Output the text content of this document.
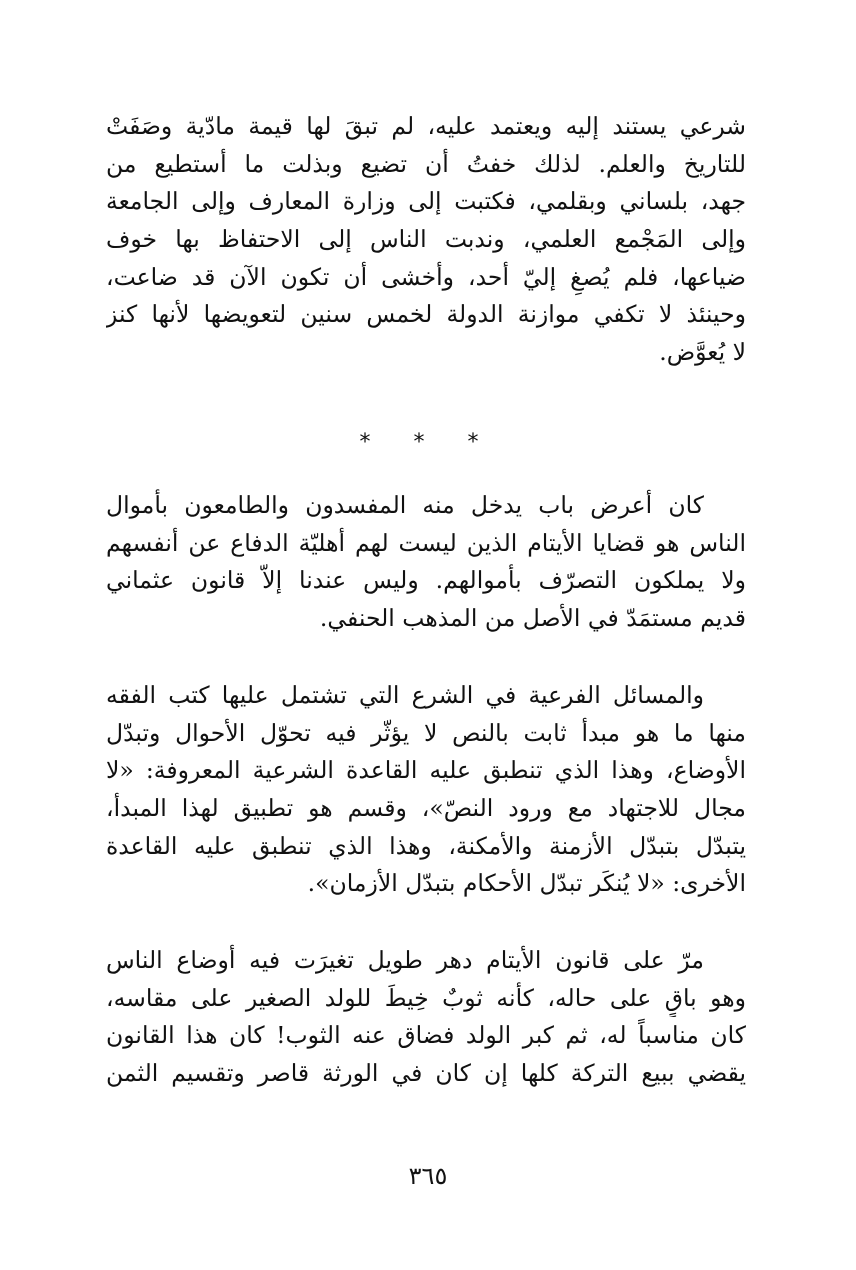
شرعي يستند إليه ويعتمد عليه، لم تبقَ لها قيمة مادّية وصَفَتْ
للتاريخ والعلم. لذلك خفتُ أن تضيع وبذلت ما أستطيع من
جهد، بلساني وبقلمي، فكتبت إلى وزارة المعارف وإلى الجامعة
وإلى المَجْمع العلمي، وندبت الناس إلى الاحتفاظ بها خوف
ضياعها، فلم يُصغِ إليّ أحد، وأخشى أن تكون الآن قد ضاعت،
وحينئذ لا تكفي موازنة الدولة لخمس سنين لتعويضها لأنها كنز
لا يُعوَّض.
* * *
كان أعرض باب يدخل منه المفسدون والطامعون بأموال
الناس هو قضايا الأيتام الذين ليست لهم أهليّة الدفاع عن أنفسهم
ولا يملكون التصرّف بأموالهم. وليس عندنا إلاّ قانون عثماني
قديم مستمَدّ في الأصل من المذهب الحنفي.
والمسائل الفرعية في الشرع التي تشتمل عليها كتب الفقه
منها ما هو مبدأ ثابت بالنص لا يؤثّر فيه تحوّل الأحوال وتبدّل
الأوضاع، وهذا الذي تنطبق عليه القاعدة الشرعية المعروفة: «لا
مجال للاجتهاد مع ورود النصّ»، وقسم هو تطبيق لهذا المبدأ،
يتبدّل بتبدّل الأزمنة والأمكنة، وهذا الذي تنطبق عليه القاعدة
الأخرى: «لا يُنكَر تبدّل الأحكام بتبدّل الأزمان».
مرّ على قانون الأيتام دهر طويل تغيرَت فيه أوضاع الناس
وهو باقٍ على حاله، كأنه ثوبٌ خِيطَ للولد الصغير على مقاسه،
كان مناسباً له، ثم كبر الولد فضاق عنه الثوب! كان هذا القانون
يقضي ببيع التركة كلها إن كان في الورثة قاصر وتقسيم الثمن
٣٦٥
